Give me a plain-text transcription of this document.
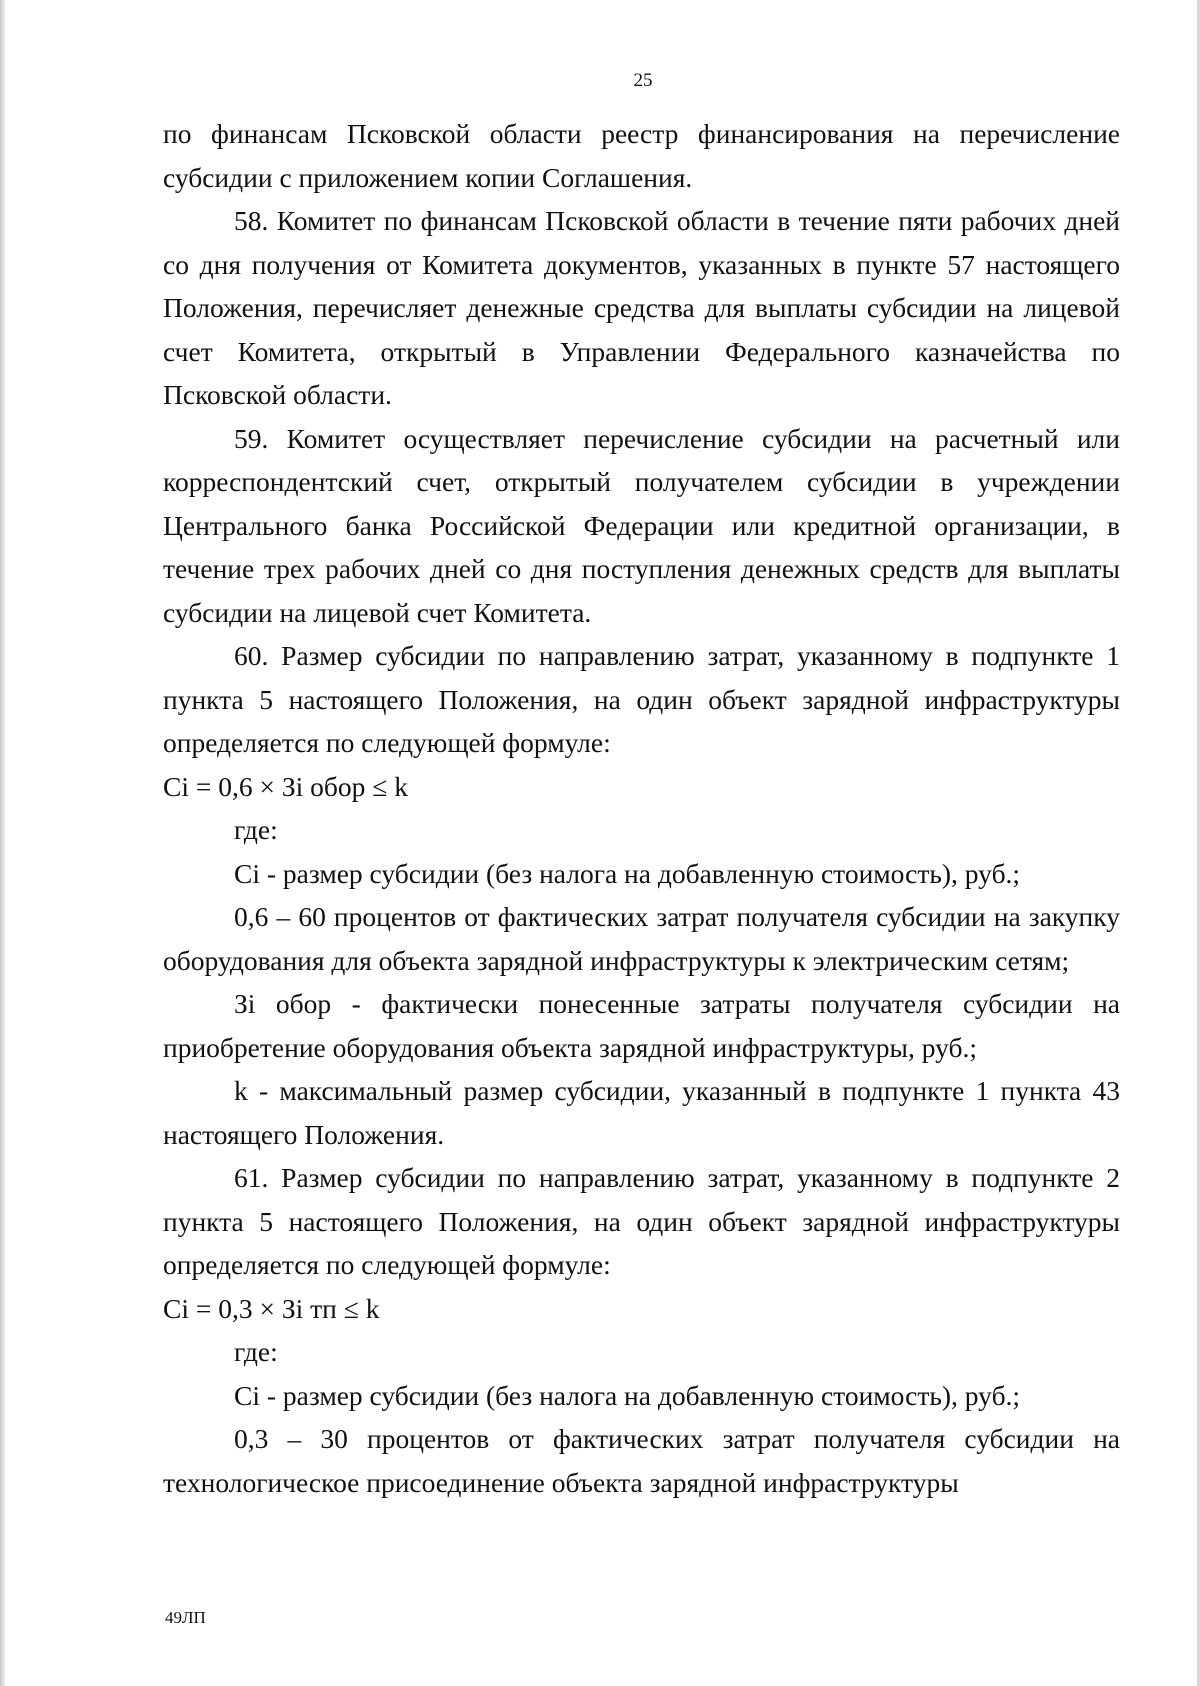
25

по финансам Псковской области реестр финансирования на перечисление субсидии с приложением копии Соглашения.

58. Комитет по финансам Псковской области в течение пяти рабочих дней со дня получения от Комитета документов, указанных в пункте 57 настоящего Положения, перечисляет денежные средства для выплаты субсидии на лицевой счет Комитета, открытый в Управлении Федерального казначейства по Псковской области.

59. Комитет осуществляет перечисление субсидии на расчетный или корреспондентский счет, открытый получателем субсидии в учреждении Центрального банка Российской Федерации или кредитной организации, в течение трех рабочих дней со дня поступления денежных средств для выплаты субсидии на лицевой счет Комитета.

60. Размер субсидии по направлению затрат, указанному в подпункте 1 пункта 5 настоящего Положения, на один объект зарядной инфраструктуры определяется по следующей формуле:

Ci = 0,6 × Зi обор ≤ k

где:

Ci - размер субсидии (без налога на добавленную стоимость), руб.;

0,6 – 60 процентов от фактических затрат получателя субсидии на закупку оборудования для объекта зарядной инфраструктуры к электрическим сетям;

Зi обор - фактически понесенные затраты получателя субсидии на приобретение оборудования объекта зарядной инфраструктуры, руб.;

k - максимальный размер субсидии, указанный в подпункте 1 пункта 43 настоящего Положения.

61. Размер субсидии по направлению затрат, указанному в подпункте 2 пункта 5 настоящего Положения, на один объект зарядной инфраструктуры определяется по следующей формуле:

Ci = 0,3 × Зi тп ≤ k

где:

Ci - размер субсидии (без налога на добавленную стоимость), руб.;

0,3 – 30 процентов от фактических затрат получателя субсидии на технологическое присоединение объекта зарядной инфраструктуры

49ЛП
